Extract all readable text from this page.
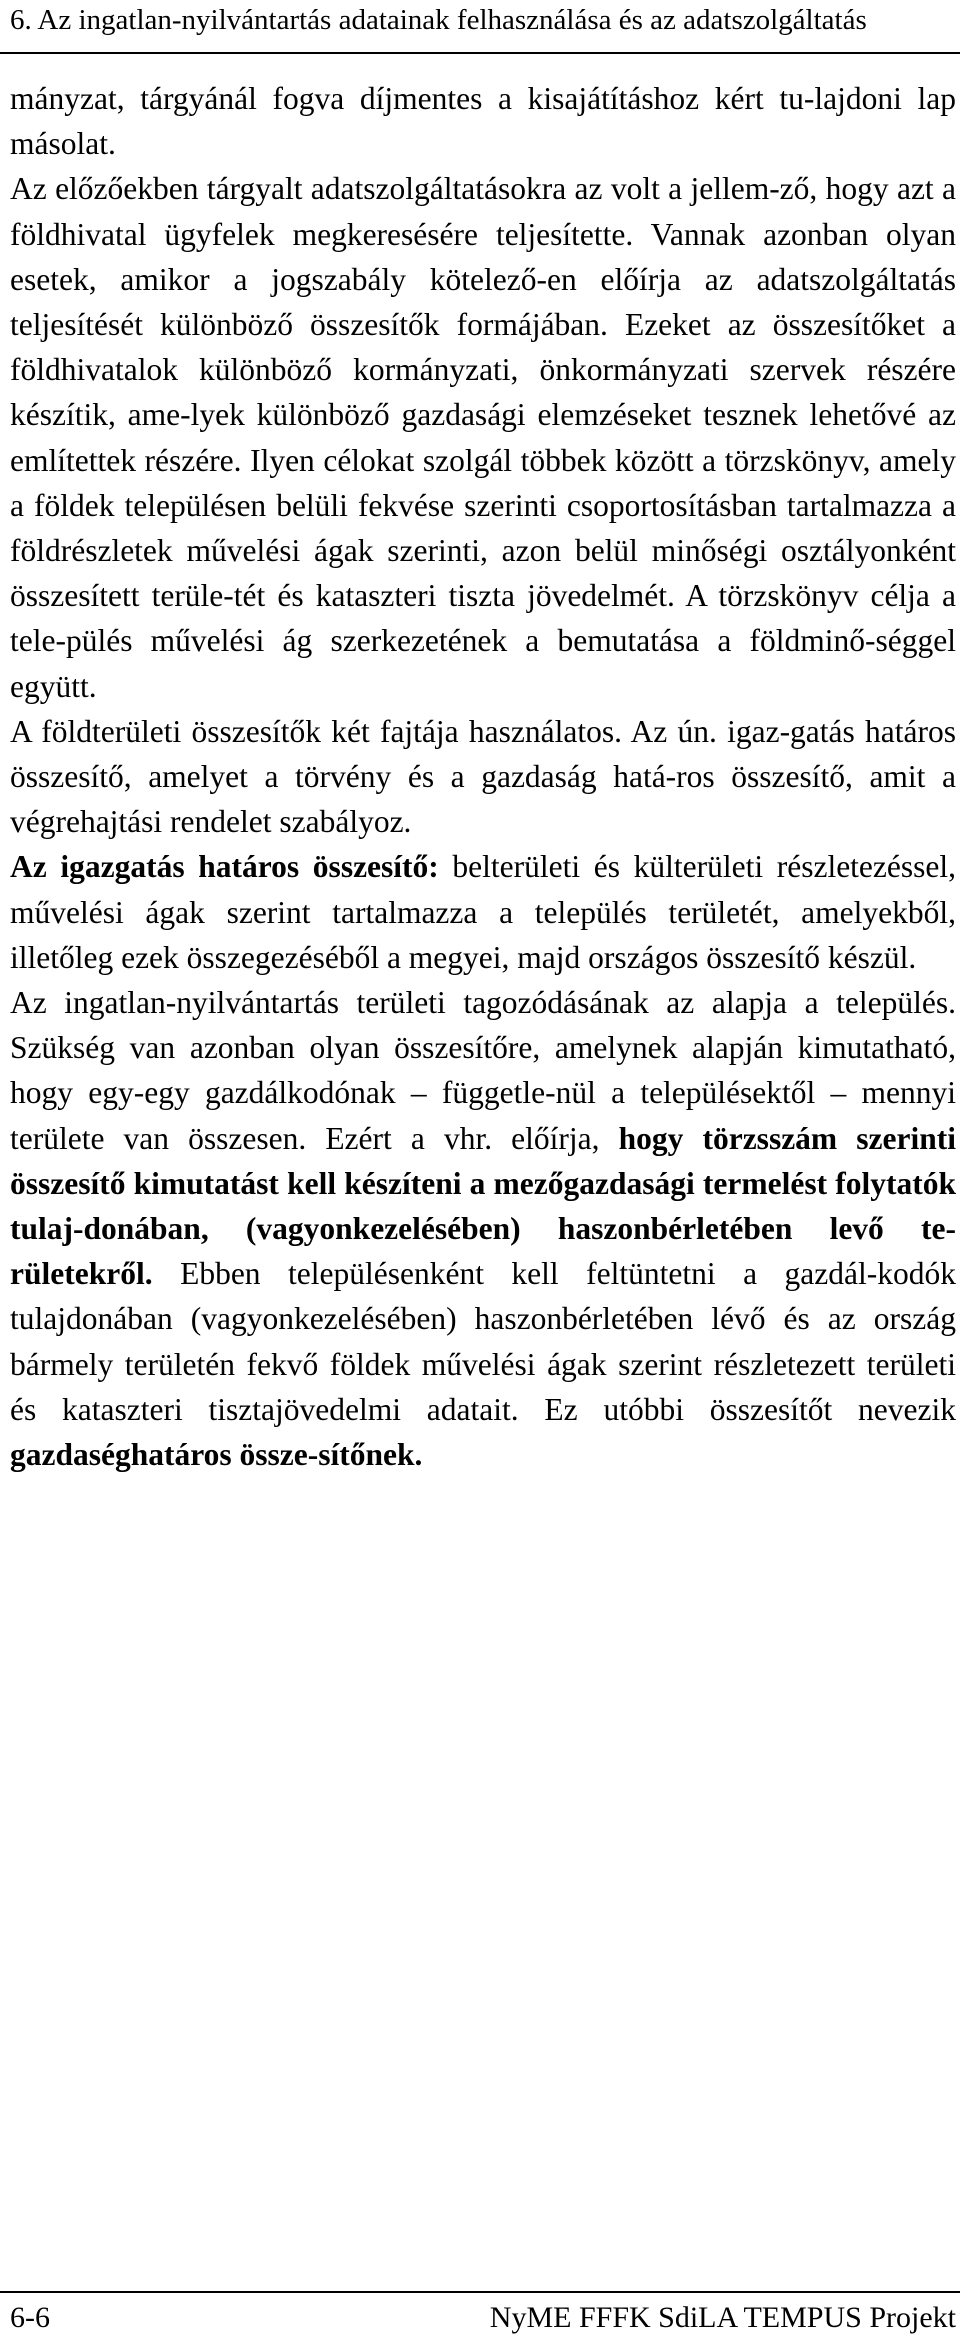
6. Az ingatlan-nyilvántartás adatainak felhasználása és az adatszolgáltatás

mányzat, tárgyánál fogva díjmentes a kisajátításhoz kért tu-lajdoni lap másolat.

Az előzőekben tárgyalt adatszolgáltatásokra az volt a jellem-ző, hogy azt a földhivatal ügyfelek megkeresésére teljesítette. Vannak azonban olyan esetek, amikor a jogszabály kötelező-en előírja az adatszolgáltatás teljesítését különböző összesítők formájában. Ezeket az összesítőket a földhivatalok különböző kormányzati, önkormányzati szervek részére készítik, ame-lyek különböző gazdasági elemzéseket tesznek lehetővé az említettek részére. Ilyen célokat szolgál többek között a törzskönyv, amely a földek településen belüli fekvése szerinti csoportosításban tartalmazza a földrészletek művelési ágak szerinti, azon belül minőségi osztályonként összesített terüle-tét és kataszteri tiszta jövedelmét. A törzskönyv célja a tele-pülés művelési ág szerkezetének a bemutatása a földminő-séggel együtt.

A földterületi összesítők két fajtája használatos. Az ún. igaz-gatás határos összesítő, amelyet a törvény és a gazdaság hatá-ros összesítő, amit a végrehajtási rendelet szabályoz.

Az igazgatás határos összesítő: belterületi és külterületi részletezéssel, művelési ágak szerint tartalmazza a település területét, amelyekből, illetőleg ezek összegezéséből a megyei, majd országos összesítő készül.

Az ingatlan-nyilvántartás területi tagozódásának az alapja a település. Szükség van azonban olyan összesítőre, amelynek alapján kimutatható, hogy egy-egy gazdálkodónak – függetle-nül a településektől – mennyi területe van összesen. Ezért a vhr. előírja, hogy törzsszám szerinti összesítő kimutatást kell készíteni a mezőgazdasági termelést folytatók tulaj-donában, (vagyonkezelésében) haszonbérletében levő te-rületekről. Ebben településenként kell feltüntetni a gazdál-kodók tulajdonában (vagyonkezelésében) haszonbérletében lévő és az ország bármely területén fekvő földek művelési ágak szerint részletezett területi és kataszteri tisztajövedelmi adatait. Ez utóbbi összesítőt nevezik gazdaséghatáros össze-sítőnek.

6-6	NyME FFFK SdiLA TEMPUS Projekt
